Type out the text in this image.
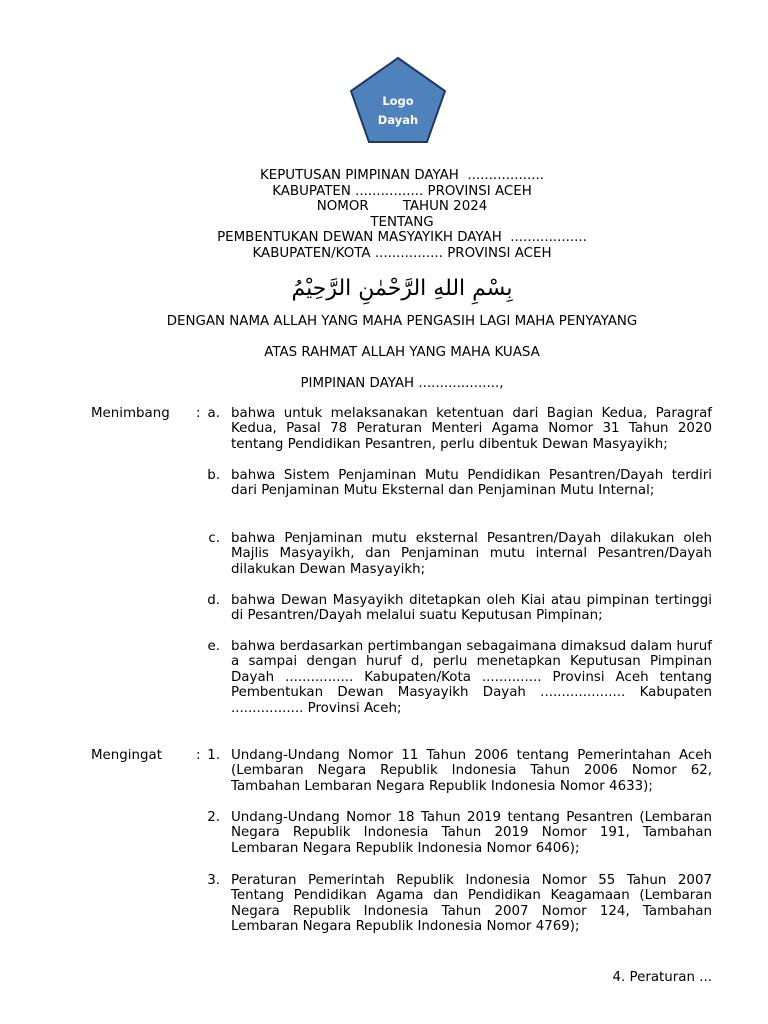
Logo
Dayah
KEPUTUSAN PIMPINAN DAYAH  ..................
KABUPATEN ................ PROVINSI ACEH
NOMOR        TAHUN 2024
TENTANG
PEMBENTUKAN DEWAN MASYAYIKH DAYAH  ..................
KABUPATEN/KOTA ................ PROVINSI ACEH
بِسْمِ اللهِ الرَّحْمٰنِ الرَّحِيْمُ
DENGAN NAMA ALLAH YANG MAHA PENGASIH LAGI MAHA PENYAYANG
ATAS RAHMAT ALLAH YANG MAHA KUASA
PIMPINAN DAYAH ...................,
Menimbang : a. bahwa untuk melaksanakan ketentuan dari Bagian Kedua, Paragraf Kedua, Pasal 78 Peraturan Menteri Agama Nomor 31 Tahun 2020 tentang Pendidikan Pesantren, perlu dibentuk Dewan Masyayikh;
b. bahwa Sistem Penjaminan Mutu Pendidikan Pesantren/Dayah terdiri dari Penjaminan Mutu Eksternal dan Penjaminan Mutu Internal;
c. bahwa Penjaminan mutu eksternal Pesantren/Dayah dilakukan oleh Majlis Masyayikh, dan Penjaminan mutu internal Pesantren/Dayah dilakukan Dewan Masyayikh;
d. bahwa Dewan Masyayikh ditetapkan oleh Kiai atau pimpinan tertinggi di Pesantren/Dayah melalui suatu Keputusan Pimpinan;
e. bahwa berdasarkan pertimbangan sebagaimana dimaksud dalam huruf a sampai dengan huruf d, perlu menetapkan Keputusan Pimpinan Dayah ................ Kabupaten/Kota .............. Provinsi Aceh tentang Pembentukan Dewan Masyayikh Dayah .................... Kabupaten ................. Provinsi Aceh;
Mengingat	: 1. Undang-Undang Nomor 11 Tahun 2006 tentang Pemerintahan Aceh (Lembaran Negara Republik Indonesia Tahun 2006 Nomor 62, Tambahan Lembaran Negara Republik Indonesia Nomor 4633);
2. Undang-Undang Nomor 18 Tahun 2019 tentang Pesantren (Lembaran Negara Republik Indonesia Tahun 2019 Nomor 191, Tambahan Lembaran Negara Republik Indonesia Nomor 6406);
3. Peraturan Pemerintah Republik Indonesia Nomor 55 Tahun 2007 Tentang Pendidikan Agama dan Pendidikan Keagamaan (Lembaran Negara Republik Indonesia Tahun 2007 Nomor 124, Tambahan Lembaran Negara Republik Indonesia Nomor 4769);
4. Peraturan ...
